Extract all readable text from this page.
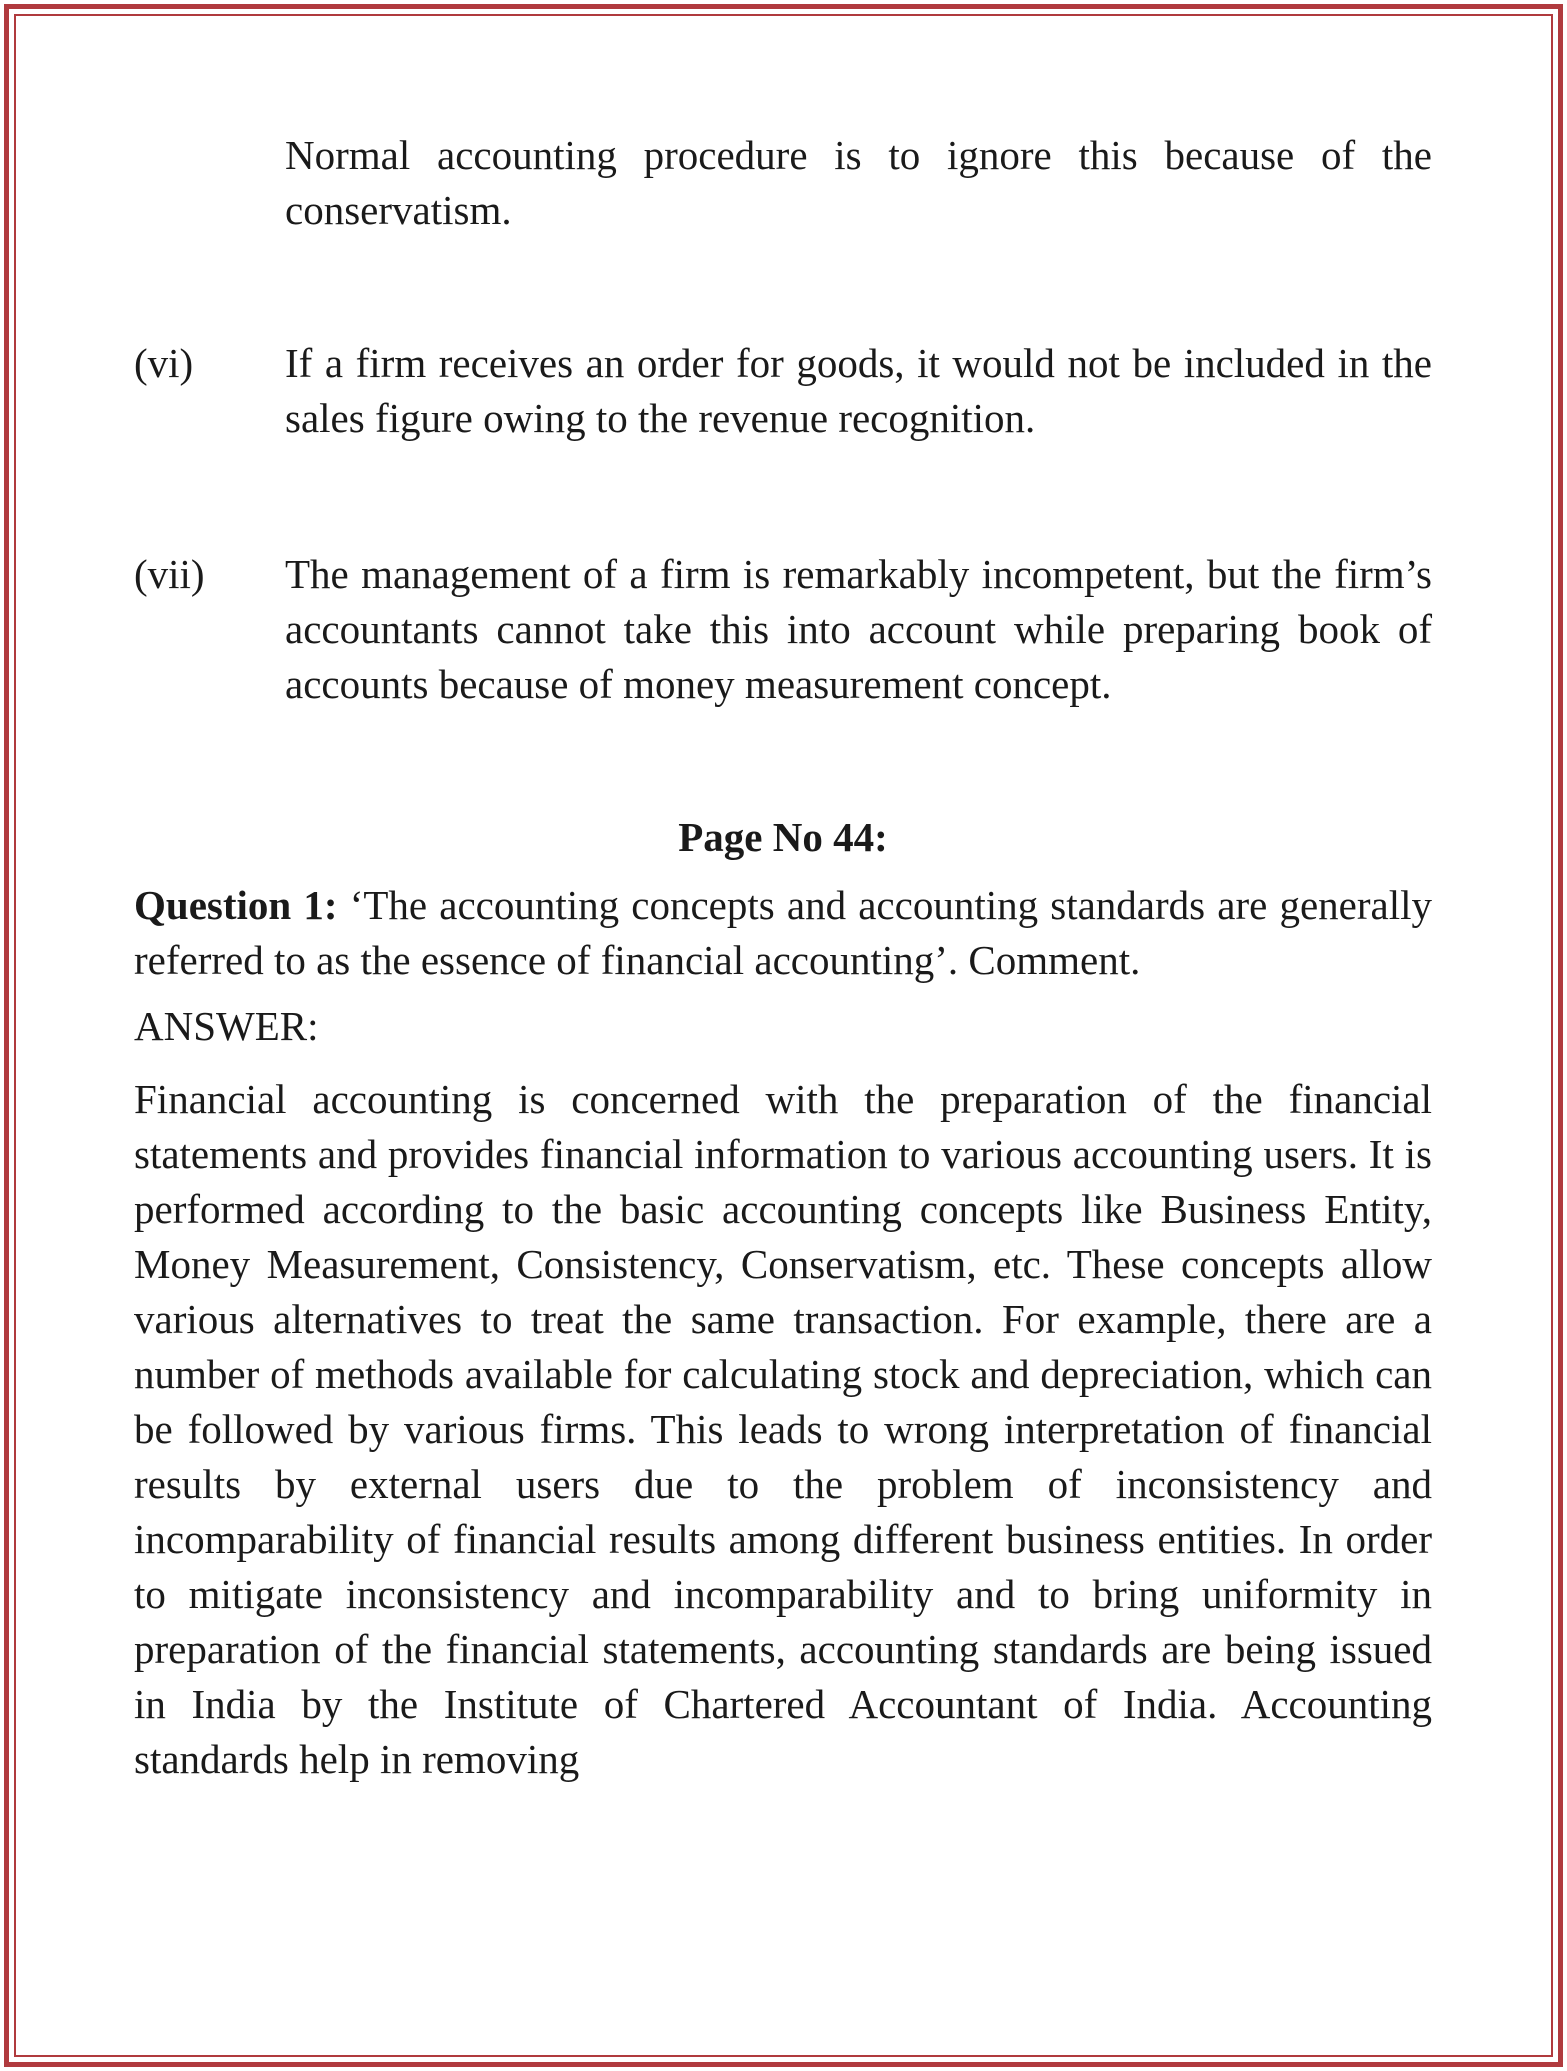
Normal accounting procedure is to ignore this because of the conservatism.

(vi)	If a firm receives an order for goods, it would not be included in the sales figure owing to the revenue recognition.
(vii)	The management of a firm is remarkably incompetent, but the firm’s accountants cannot take this into account while preparing book of accounts because of money measurement concept.

Page No 44:

Question 1: ‘The accounting concepts and accounting standards are generally referred to as the essence of financial accounting’. Comment.

ANSWER:

Financial accounting is concerned with the preparation of the financial statements and provides financial information to various accounting users. It is performed according to the basic accounting concepts like Business Entity, Money Measurement, Consistency, Conservatism, etc. These concepts allow various alternatives to treat the same transaction. For example, there are a number of methods available for calculating stock and depreciation, which can be followed by various firms. This leads to wrong interpretation of financial results by external users due to the problem of inconsistency and incomparability of financial results among different business entities. In order to mitigate inconsistency and incomparability and to bring uniformity in preparation of the financial statements, accounting standards are being issued in India by the Institute of Chartered Accountant of India. Accounting standards help in removing
